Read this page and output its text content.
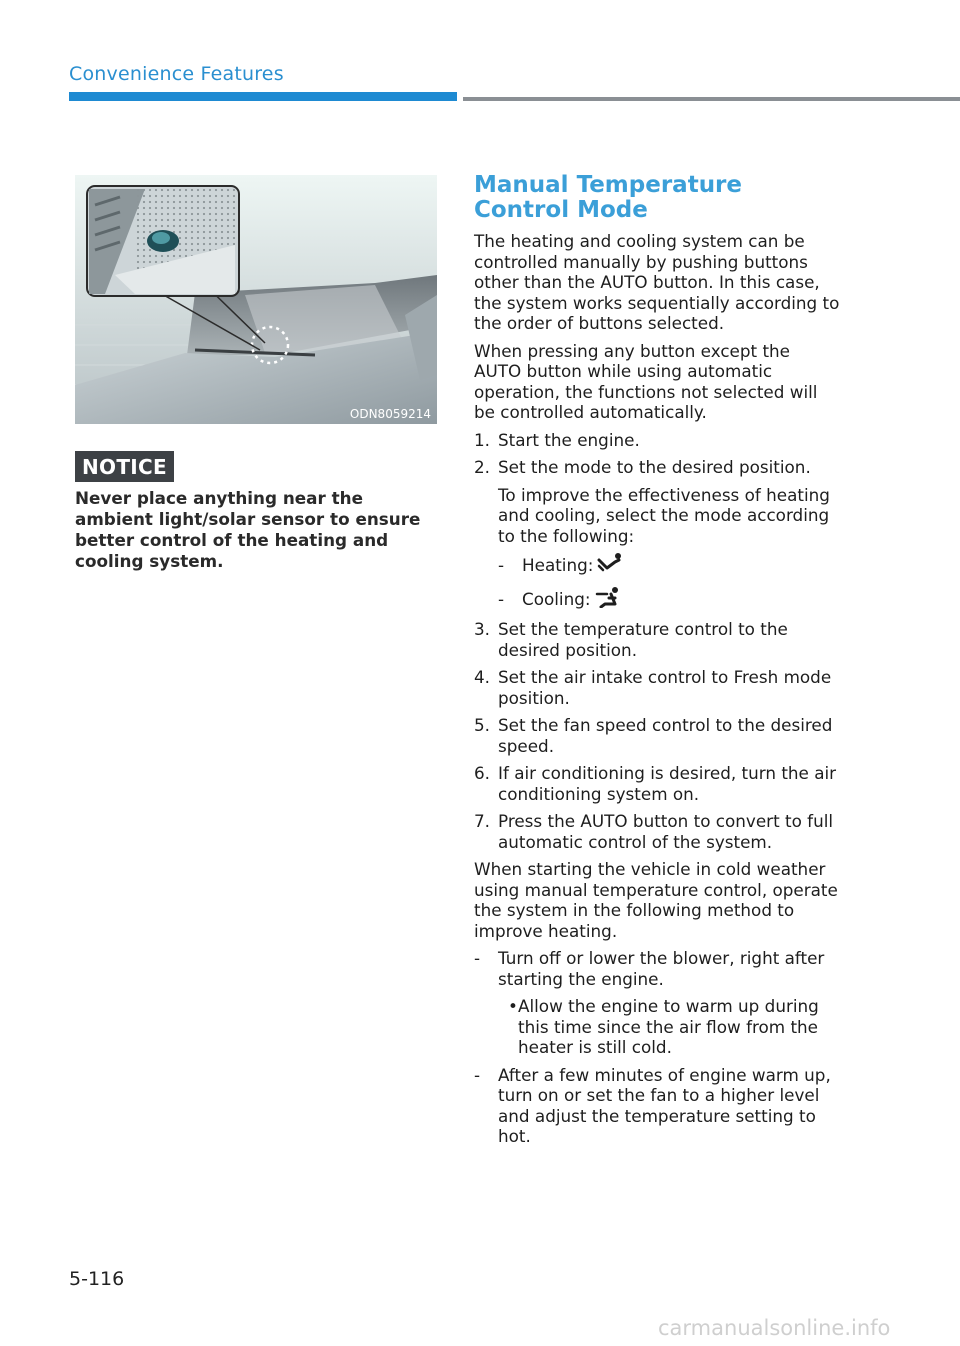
Convenience Features
ODN8059214
NOTICE
Never place anything near the ambient light/solar sensor to ensure better control of the heating and cooling system.
Manual Temperature Control Mode

The heating and cooling system can be controlled manually by pushing buttons other than the AUTO button. In this case, the system works sequentially according to the order of buttons selected.

When pressing any button except the AUTO button while using automatic operation, the functions not selected will be controlled automatically.

1. Start the engine.
2. Set the mode to the desired position.

To improve the effectiveness of heating and cooling, select the mode according to the following:

-	Heating:
-	Cooling:
3. Set the temperature control to the desired position.
4. Set the air intake control to Fresh mode position.
5. Set the fan speed control to the desired speed.
6. If air conditioning is desired, turn the air conditioning system on.
7. Press the AUTO button to convert to full automatic control of the system.

When starting the vehicle in cold weather using manual temperature control, operate the system in the following method to improve heating.

-	Turn off or lower the blower, right after starting the engine.
• Allow the engine to warm up during this time since the air flow from the heater is still cold.
-	After a few minutes of engine warm up, turn on or set the fan to a higher level and adjust the temperature setting to hot.
5-116
carmanualsonline.info
